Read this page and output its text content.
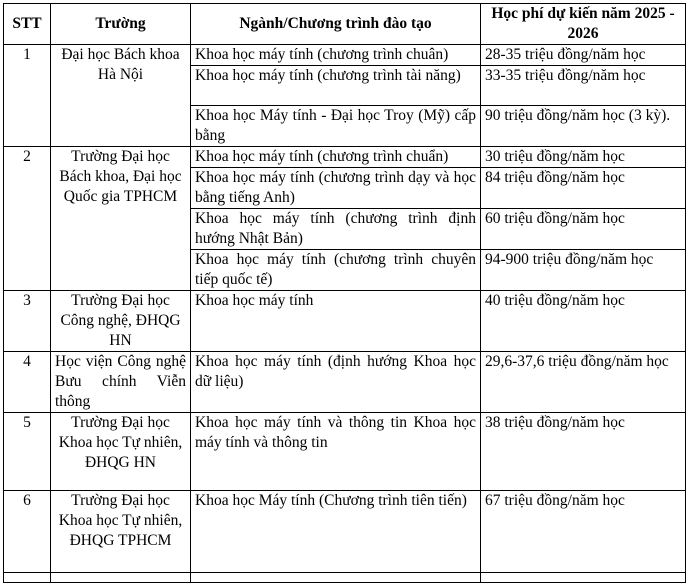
STT	Trường	Ngành/Chương trình đào tạo	Học phí dự kiến năm 2025 - 2026
1	Đại học Bách khoa Hà Nội	Khoa học máy tính (chương trình chuân)	28-35 triệu đồng/năm học
		Khoa học máy tính (chương trình tài năng)	33-35 triệu đồng/năm học
		Khoa học Máy tính - Đại học Troy (Mỹ) cấp bằng	90 triệu đồng/năm học (3 kỳ).
2	Trường Đại học Bách khoa, Đại học Quốc gia TPHCM	Khoa học máy tính (chương trình chuẩn)	30 triệu đồng/năm học
		Khoa học máy tính (chương trình dạy và học bằng tiếng Anh)	84 triệu đồng/năm học
		Khoa học máy tính (chương trình định hướng Nhật Bản)	60 triệu đồng/năm học
		Khoa học máy tính (chương trình chuyên tiếp quốc tế)	94-900 triệu đồng/năm học
3	Trường Đại học Công nghệ, ĐHQG HN	Khoa học máy tính	40 triệu đồng/năm học
4	Học viện Công nghệ Bưu chính Viễn thông	Khoa học máy tính (định hướng Khoa học dữ liệu)	29,6-37,6 triệu đồng/năm học
5	Trường Đại học Khoa học Tự nhiên, ĐHQG HN	Khoa học máy tính và thông tin Khoa học máy tính và thông tin	38 triệu đồng/năm học
6	Trường Đại học Khoa học Tự nhiên, ĐHQG TPHCM	Khoa học Máy tính (Chương trình tiên tiến)	67 triệu đồng/năm học
